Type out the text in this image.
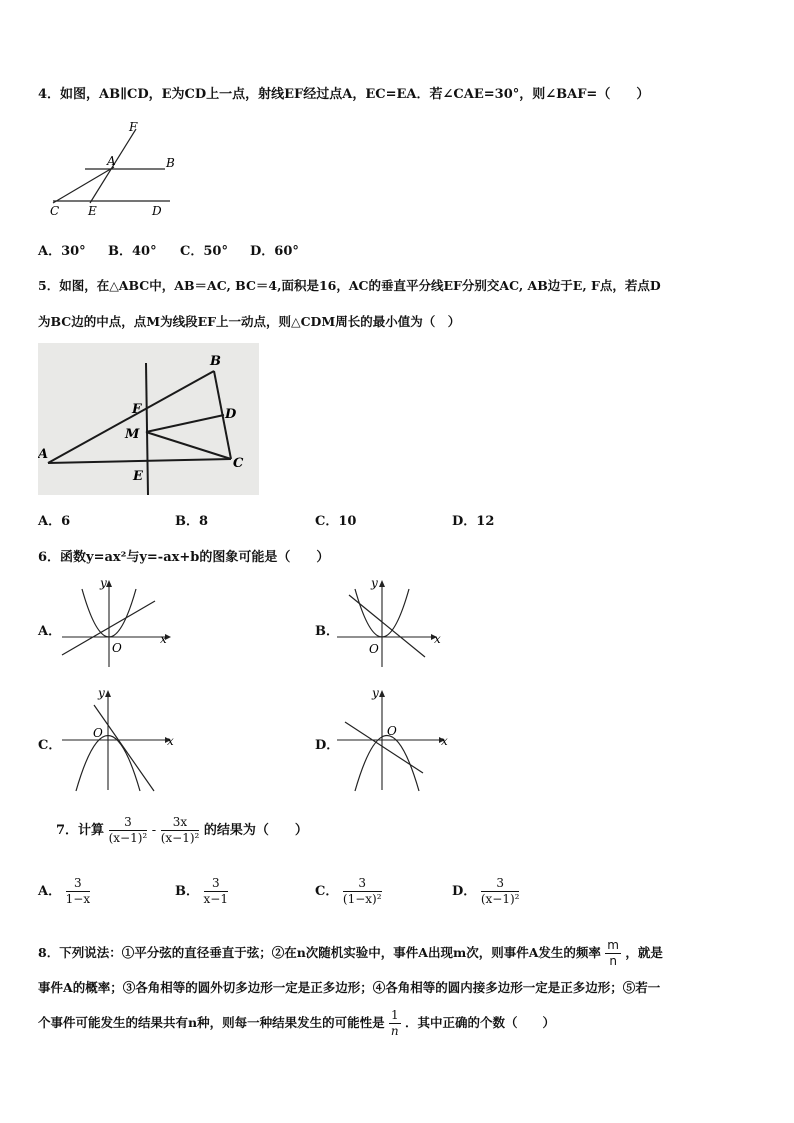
4．如图，AB∥CD，E为CD上一点，射线EF经过点A，EC=EA．若∠CAE=30°，则∠BAF=（　　）
F
A	B
C E	D
A．30° B．40° C．50° D．60°
5．如图，在△ABC中，AB＝AC, BC＝4,面积是16，AC的垂直平分线EF分别交AC, AB边于E, F点，若点D
为BC边的中点，点M为线段EF上一动点，则△CDM周长的最小值为（　）
B
F	D
M
A
C
E
A．6	B．8	C．10	D．12
6．函数y=ax²与y=-ax+b的图象可能是（　　）
A．	x
y
O
B．	x
y
O
C．	x
y
O
D．	x
y
O
7．计算 $\frac{3}{\text{(x−1)²}} - \frac{3x}{\text{(x−1)²}}$ 的结果为（　　）
A． $\frac{3}{1-x}$	B． $\frac{3}{x-1}$	C． $\frac{3}{\text{(1−x)²}}$	D． $\frac{3}{\text{(x−1)²}}$
8．下列说法：①平分弦的直径垂直于弦；②在n次随机实验中，事件A出现m次，则事件A发生的频率 $\frac{m}{n}$ ，就是
事件A的概率；③各角相等的圆外切多边形一定是正多边形；④各角相等的圆内接多边形一定是正多边形；⑤若一
个事件可能发生的结果共有n种，则每一种结果发生的可能性是 $\frac{1}{n}$ ．其中正确的个数（　　）
